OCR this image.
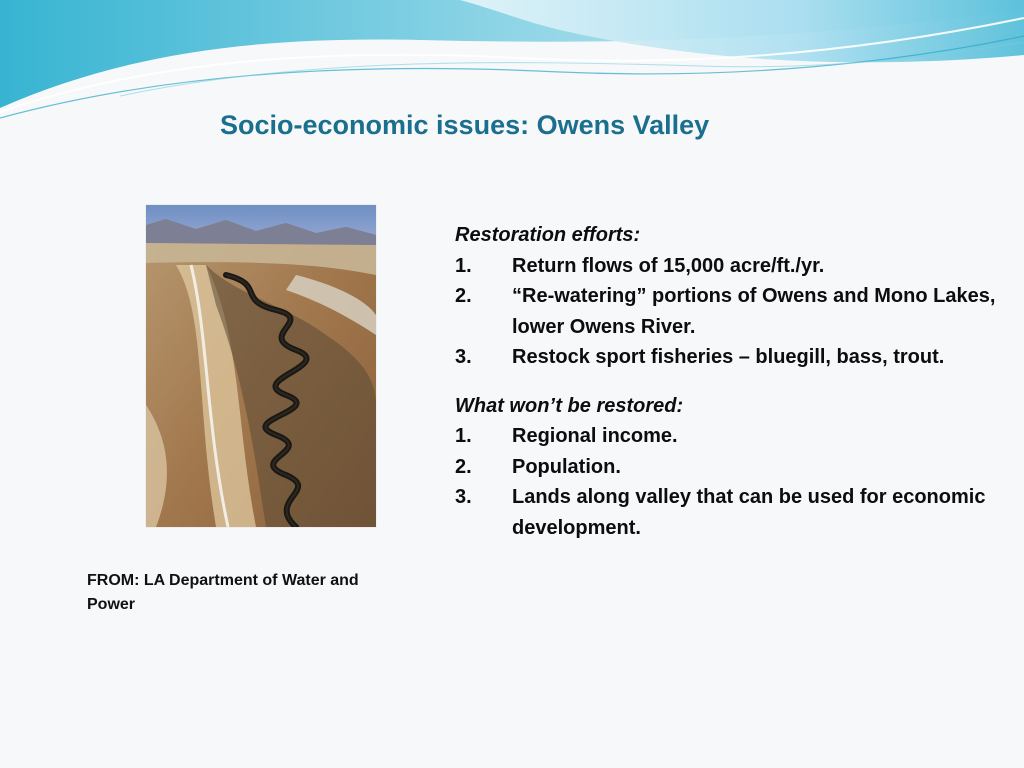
Socio-economic issues: Owens Valley
FROM: LA Department of Water and Power
Restoration efforts:
1. Return flows of 15,000 acre/ft./yr.
2. “Re-watering” portions of Owens and Mono Lakes, lower Owens River.
3. Restock sport fisheries – bluegill, bass, trout.
What won’t be restored:
1. Regional income.
2. Population.
3. Lands along valley that can be used for economic development.
